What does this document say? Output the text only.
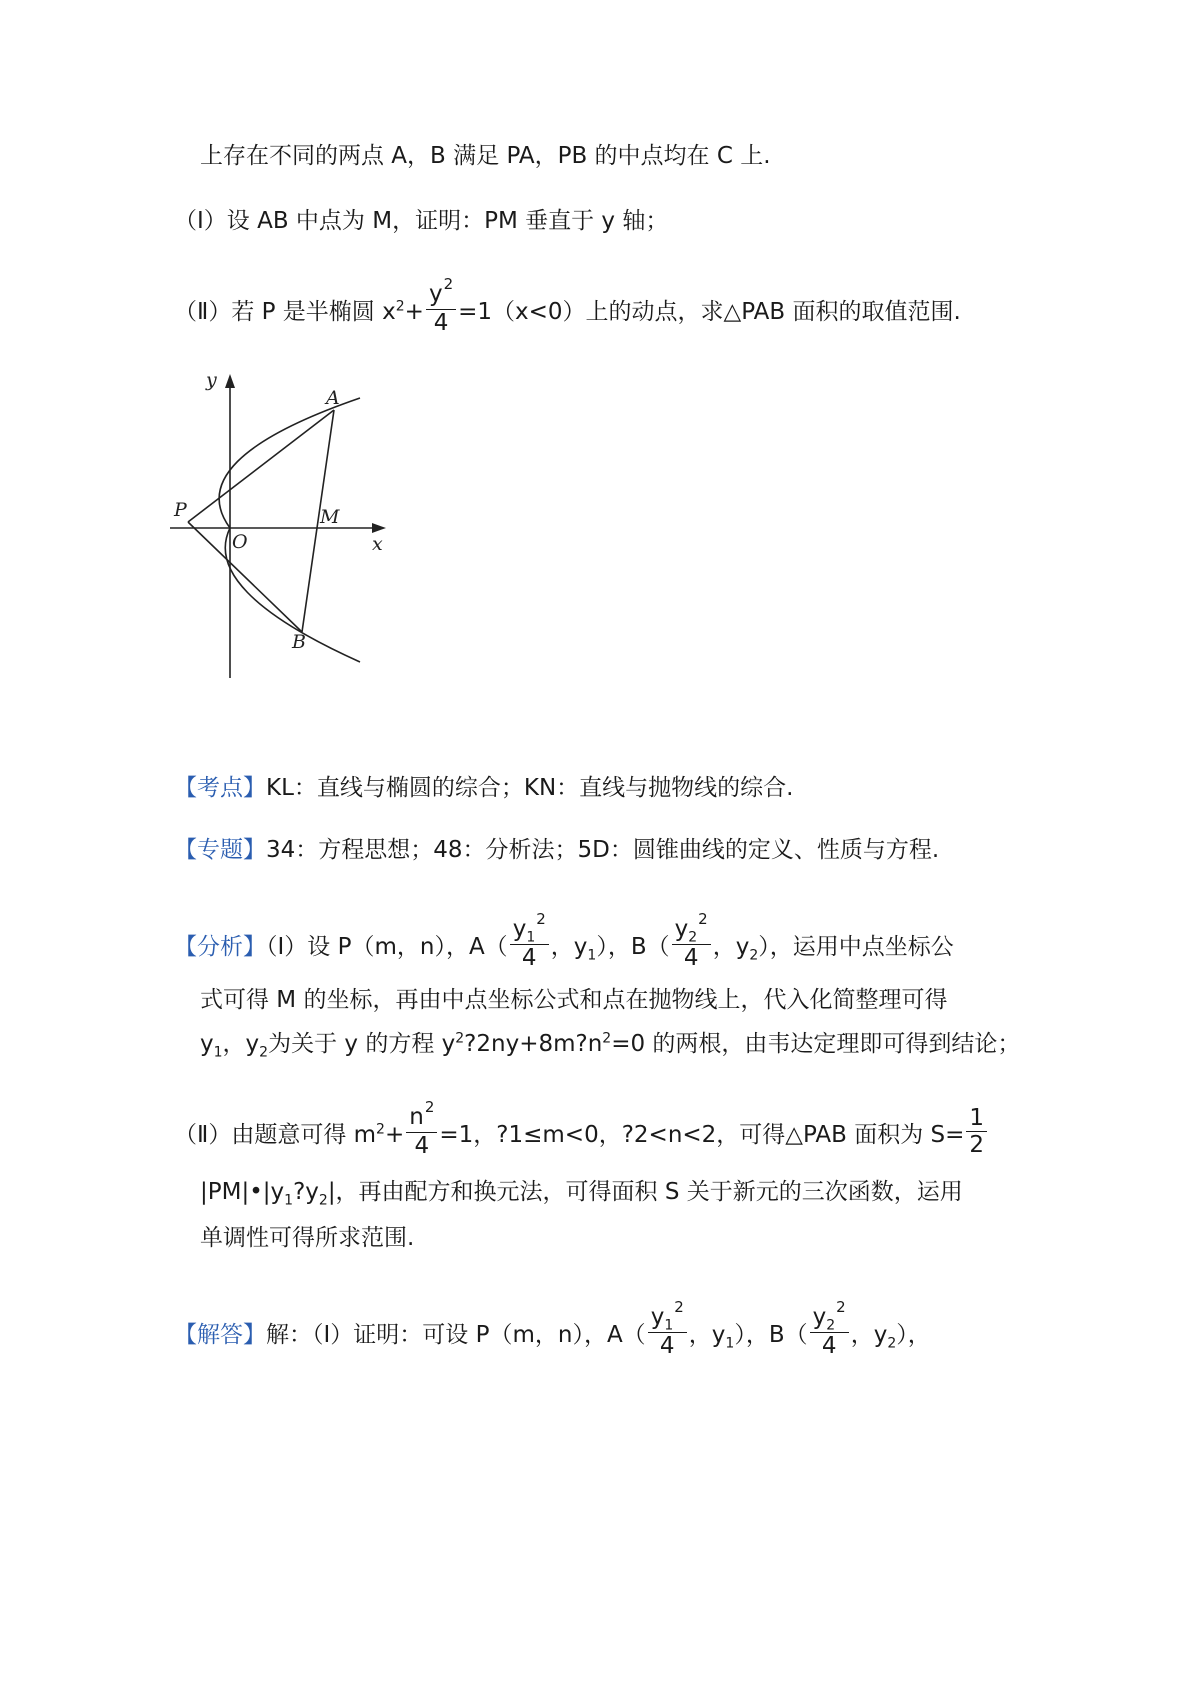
上存在不同的两点 A，B 满足 PA，PB 的中点均在 C 上.
（Ⅰ）设 AB 中点为 M，证明：PM 垂直于 y 轴；
（Ⅱ）若 P 是半椭圆 $x^2+ \frac{y^2}{4} =1(x<0)$上的动点，求△PAB 面积的取值范围.
y
x
A
B
P	M
O
【考点】KL：直线与椭圆的综合；KN：直线与抛物线的综合.
【专题】34：方程思想；48：分析法；5D：圆锥曲线的定义、性质与方程.
【分析】（Ⅰ）设 P（m，n），$A( \frac{y_1^2}{4}$ ，$y_1$），$B( \frac{y_2^2}{4}$ ，$y_2$），运用中点坐标公
式可得 M 的坐标，再由中点坐标公式和点在抛物线上，代入化简整理可得
$y_1$，$y_2$为关于 y 的方程 $y^2?2ny+8m?n^2=0$ 的两根，由韦达定理即可得到结论；
（Ⅱ）由题意可得 $m^2+ \frac{n^2}{4} =1$，?1≤m<0，?2<n<2，可得△PAB 面积为 $S= \frac{1}{2}$
$|PM|•|y_1?y_2|$，再由配方和换元法，可得面积 S 关于新元的三次函数，运用
单调性可得所求范围.
【解答】解：（Ⅰ）证明：可设 P（m，n），$A( \frac{y_1^2}{4}$ ，$y_1$），$B( \frac{y_2^2}{4}$ ，$y_2$），
